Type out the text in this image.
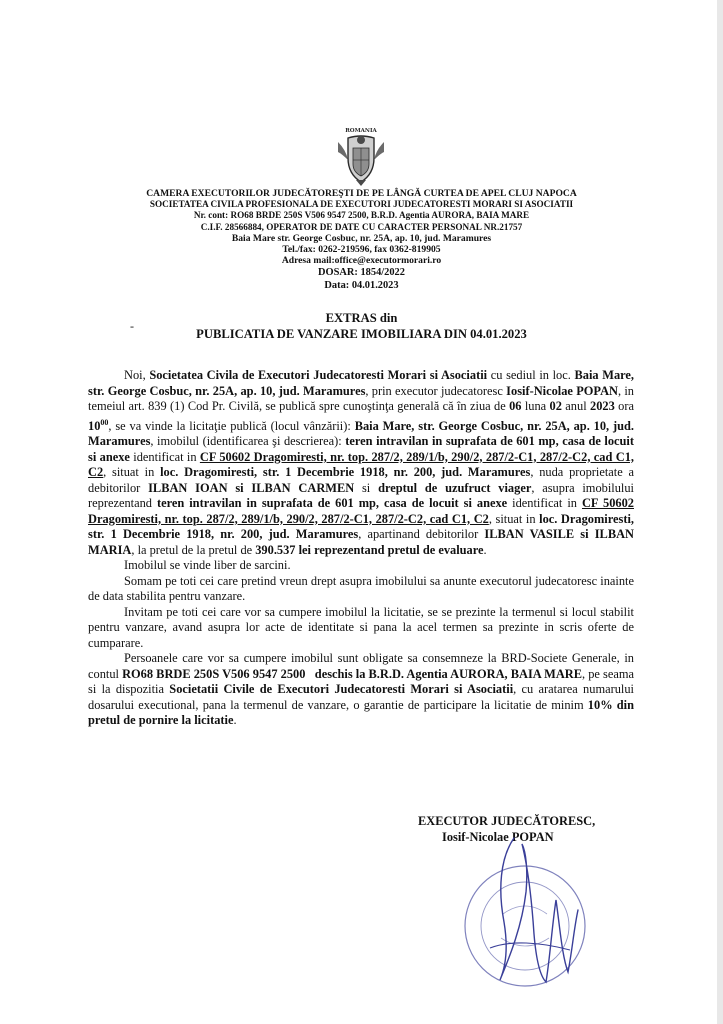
ROMANIA
CAMERA EXECUTORILOR JUDECĂTOREŞTI DE PE LÂNGĂ CURTEA DE APEL CLUJ NAPOCA
SOCIETATEA CIVILA PROFESIONALA DE EXECUTORI JUDECATORESTI MORARI SI ASOCIATII
Nr. cont: RO68 BRDE 250S V506 9547 2500, B.R.D. Agentia AURORA, BAIA MARE
C.I.F. 28566884, OPERATOR DE DATE CU CARACTER PERSONAL NR.21757
Baia Mare str. George Cosbuc, nr. 25A, ap. 10, jud. Maramures
Tel./fax: 0262-219596, fax 0362-819905
Adresa mail:office@executormorari.ro
DOSAR: 1854/2022
Data: 04.01.2023
-
EXTRAS din
PUBLICATIA DE VANZARE IMOBILIARA DIN 04.01.2023

Noi, Societatea Civila de Executori Judecatoresti Morari si Asociatii cu sediul in loc. Baia Mare, str. George Cosbuc, nr. 25A, ap. 10, jud. Maramures, prin executor judecatoresc Iosif-Nicolae POPAN, in temeiul art. 839 (1) Cod Pr. Civilă, se publică spre cunoştinţa generală că în ziua de 06 luna 02 anul 2023 ora $10^{00}$, se va vinde la licitaţie publică (locul vânzării): Baia Mare, str. George Cosbuc, nr. 25A, ap. 10, jud. Maramures, imobilul (identificarea şi descrierea): teren intravilan in suprafata de 601 mp, casa de locuit si anexe identificat in CF 50602 Dragomiresti, nr. top. 287/2, 289/1/b, 290/2, 287/2-C1, 287/2-C2, cad C1, C2, situat in loc. Dragomiresti, str. 1 Decembrie 1918, nr. 200, jud. Maramures, nuda proprietate a debitorilor ILBAN IOAN si ILBAN CARMEN si dreptul de uzufruct viager, asupra imobilului reprezentand teren intravilan in suprafata de 601 mp, casa de locuit si anexe identificat in CF 50602 Dragomiresti, nr. top. 287/2, 289/1/b, 290/2, 287/2-C1, 287/2-C2, cad C1, C2, situat in loc. Dragomiresti, str. 1 Decembrie 1918, nr. 200, jud. Maramures, apartinand debitorilor ILBAN VASILE si ILBAN MARIA, la pretul de la pretul de 390.537 lei reprezentand pretul de evaluare.

Imobilul se vinde liber de sarcini.

Somam pe toti cei care pretind vreun drept asupra imobilului sa anunte executorul judecatoresc inainte de data stabilita pentru vanzare.

Invitam pe toti cei care vor sa cumpere imobilul la licitatie, se se prezinte la termenul si locul stabilit pentru vanzare, avand asupra lor acte de identitate si pana la acel termen sa prezinte in scris oferte de cumparare.

Persoanele care vor sa cumpere imobilul sunt obligate sa consemneze la BRD-Societe Generale, in contul RO68 BRDE 250S V506 9547 2500 deschis la B.R.D. Agentia AURORA, BAIA MARE, pe seama si la dispozitia Societatii Civile de Executori Judecatoresti Morari si Asociatii, cu aratarea numarului dosarului executional, pana la termenul de vanzare, o garantie de participare la licitatie de minim 10% din pretul de pornire la licitatie.

EXECUTOR JUDECĂTORESC,
Iosif-Nicolae POPAN
